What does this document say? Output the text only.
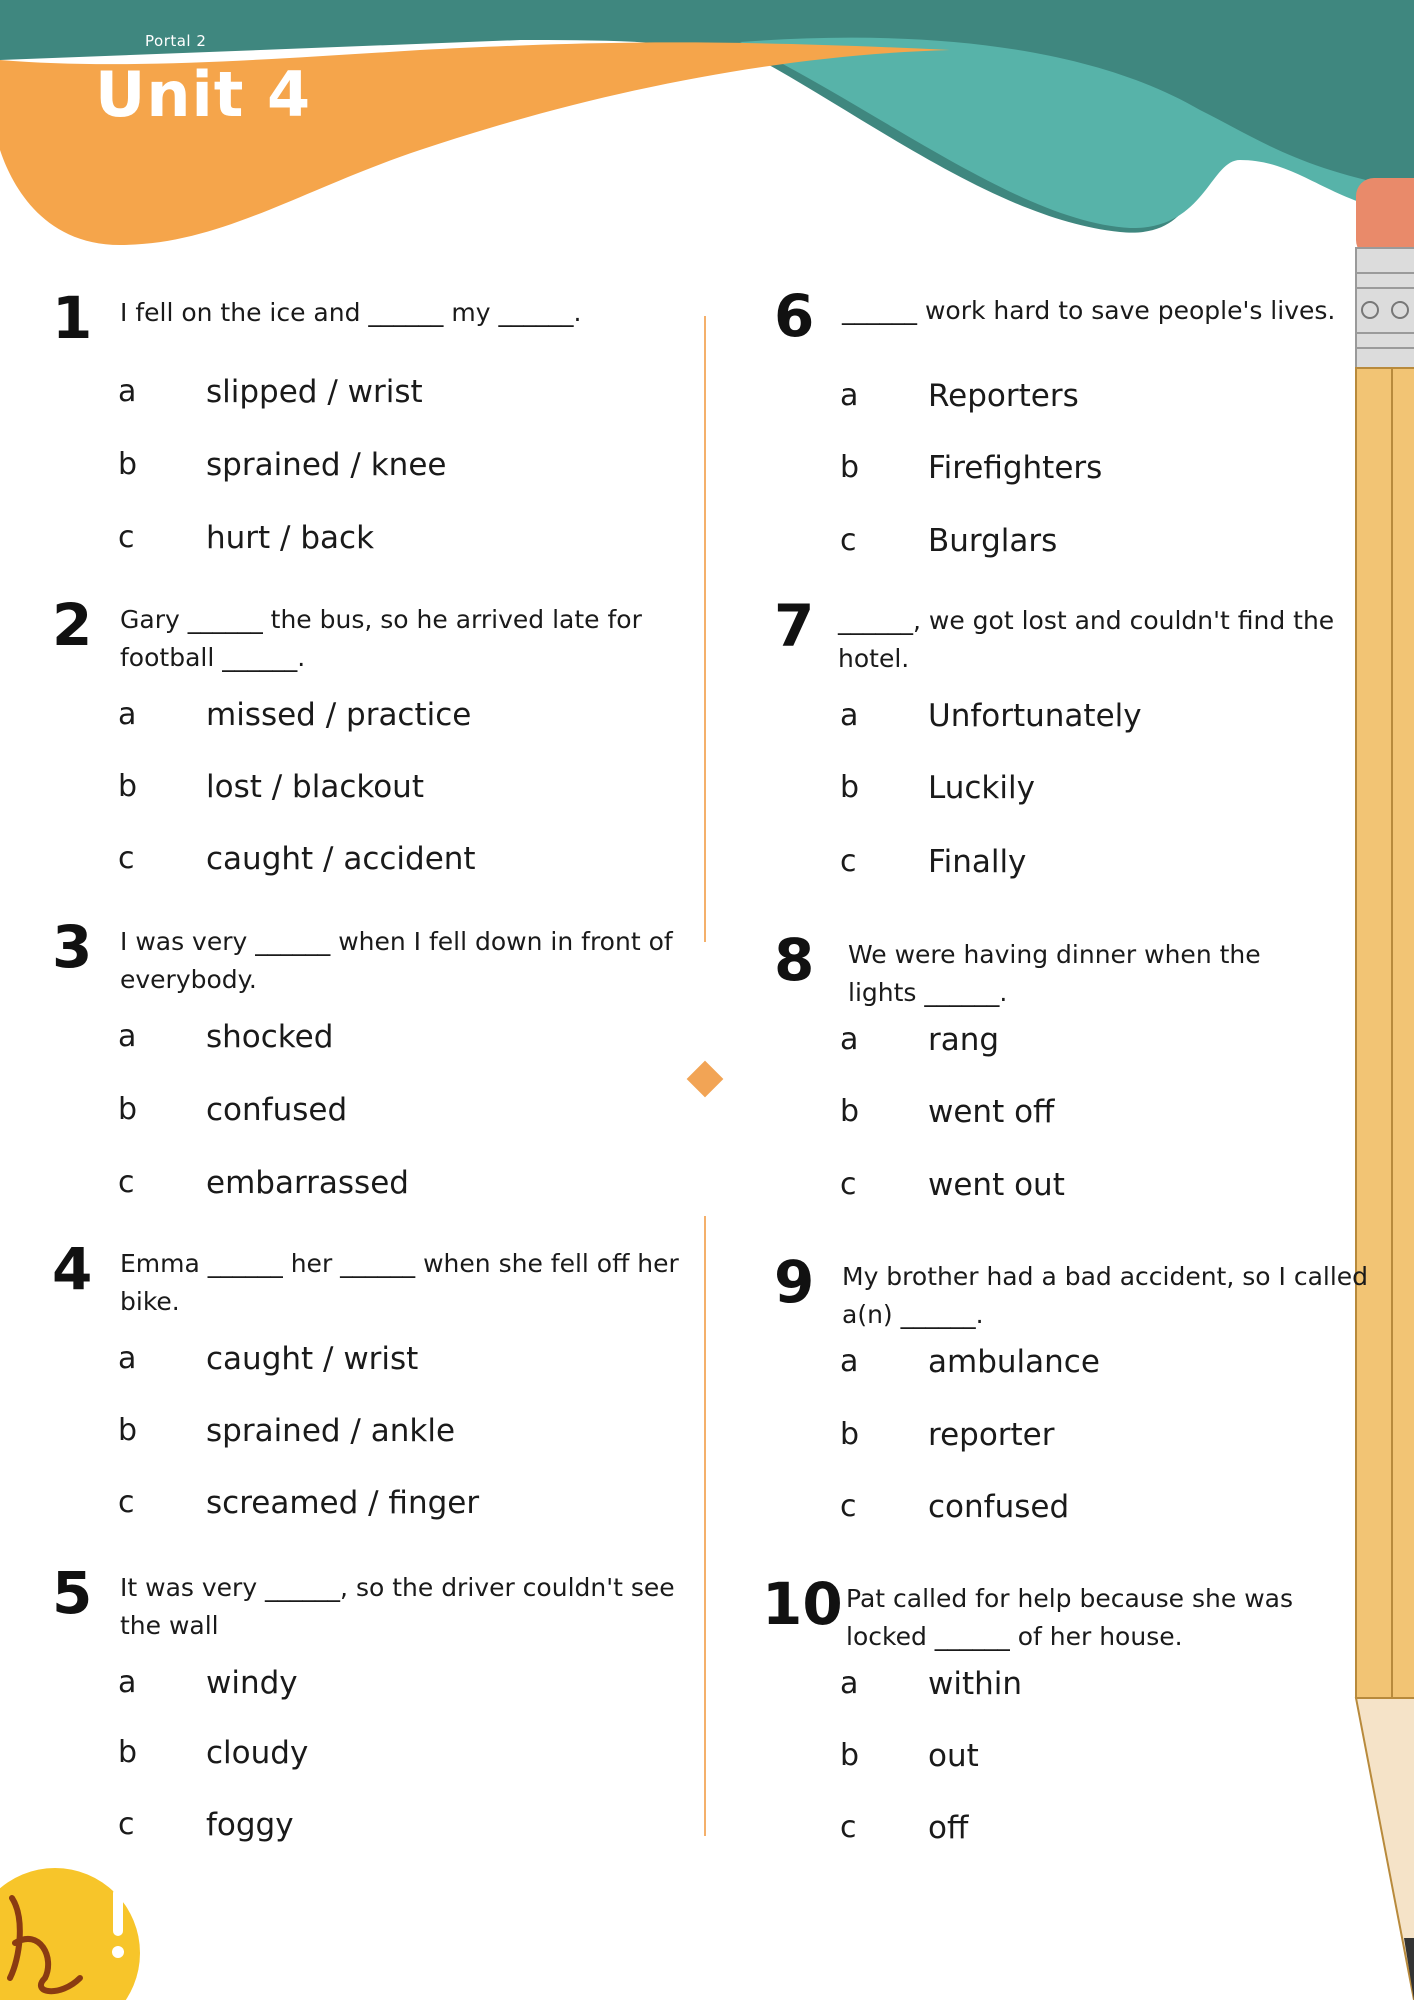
Portal 2
Unit 4
1 I fell on the ice and ______ my ______.
a slipped / wrist
b sprained / knee
c hurt / back
2 Gary ______ the bus, so he arrived late for football ______.
a missed / practice
b lost / blackout
c caught / accident
3 I was very ______ when I fell down in front of everybody.
a shocked
b confused
c embarrassed
4 Emma ______ her ______ when she fell off her bike.
a caught / wrist
b sprained / ankle
c screamed / finger
5 It was very ______, so the driver couldn't see the wall
a windy
b cloudy
c foggy
6 ______ work hard to save people's lives.
a Reporters
b Firefighters
c Burglars
7 ______, we got lost and couldn't find the hotel.
a Unfortunately
b Luckily
c Finally
8 We were having dinner when the lights ______.
a rang
b went off
c went out
9 My brother had a bad accident, so I called a(n) ______.
a ambulance
b reporter
c confused
10 Pat called for help because she was locked ______ of her house.
a within
b out
c off
